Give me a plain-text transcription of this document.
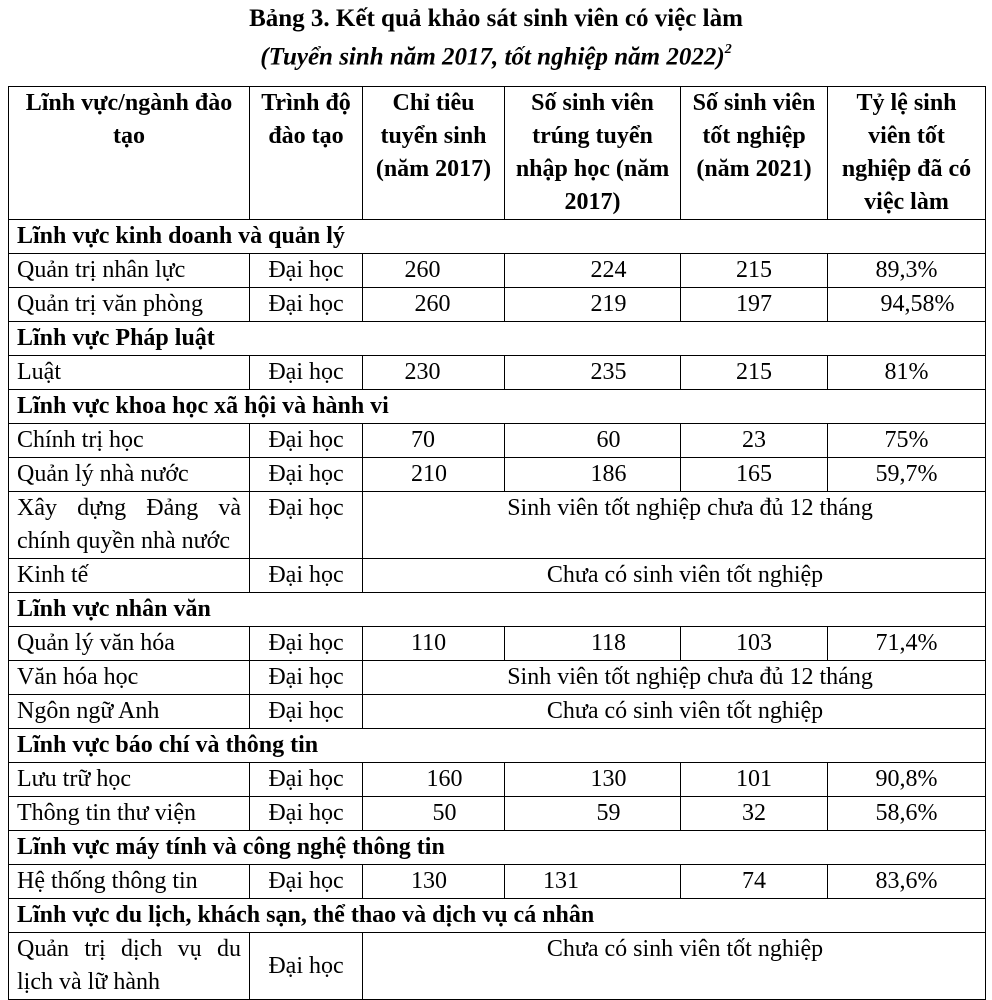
Bảng 3. Kết quả khảo sát sinh viên có việc làm
(Tuyển sinh năm 2017, tốt nghiệp năm 2022)$^2$
Lĩnh vực/ngành đào tạo	Trình độ đào tạo	Chỉ tiêu tuyển sinh (năm 2017)	Số sinh viên trúng tuyển nhập học (năm 2017)	Số sinh viên tốt nghiệp (năm 2021)	Tỷ lệ sinh viên tốt nghiệp đã có việc làm
Lĩnh vực kinh doanh và quản lý					
Quản trị nhân lực	Đại học	260	224	215	89,3%
Quản trị văn phòng	Đại học	260	219	197	94,58%
Lĩnh vực Pháp luật					
Luật	Đại học	230	235	215	81%
Lĩnh vực khoa học xã hội và hành vi					
Chính trị học	Đại học	70	60	23	75%
Quản lý nhà nước	Đại học	210	186	165	59,7%

Xây dựng Đảng và
chính quyền nhà nước	Đại học	Sinh viên tốt nghiệp chưa đủ 12 tháng			
Kinh tế	Đại học	Chưa có sinh viên tốt nghiệp			
Lĩnh vực nhân văn					
Quản lý văn hóa	Đại học	110	118	103	71,4%
Văn hóa học	Đại học	Sinh viên tốt nghiệp chưa đủ 12 tháng			
Ngôn ngữ Anh	Đại học	Chưa có sinh viên tốt nghiệp			
Lĩnh vực báo chí và thông tin					
Lưu trữ học	Đại học	160	130	101	90,8%
Thông tin thư viện	Đại học	50	59	32	58,6%
Lĩnh vực máy tính và công nghệ thông tin					
Hệ thống thông tin	Đại học	130	131	74	83,6%
Lĩnh vực du lịch, khách sạn, thể thao và dịch vụ cá nhân					

Quản trị dịch vụ du
lịch và lữ hành	Đại học	Chưa có sinh viên tốt nghiệp			
